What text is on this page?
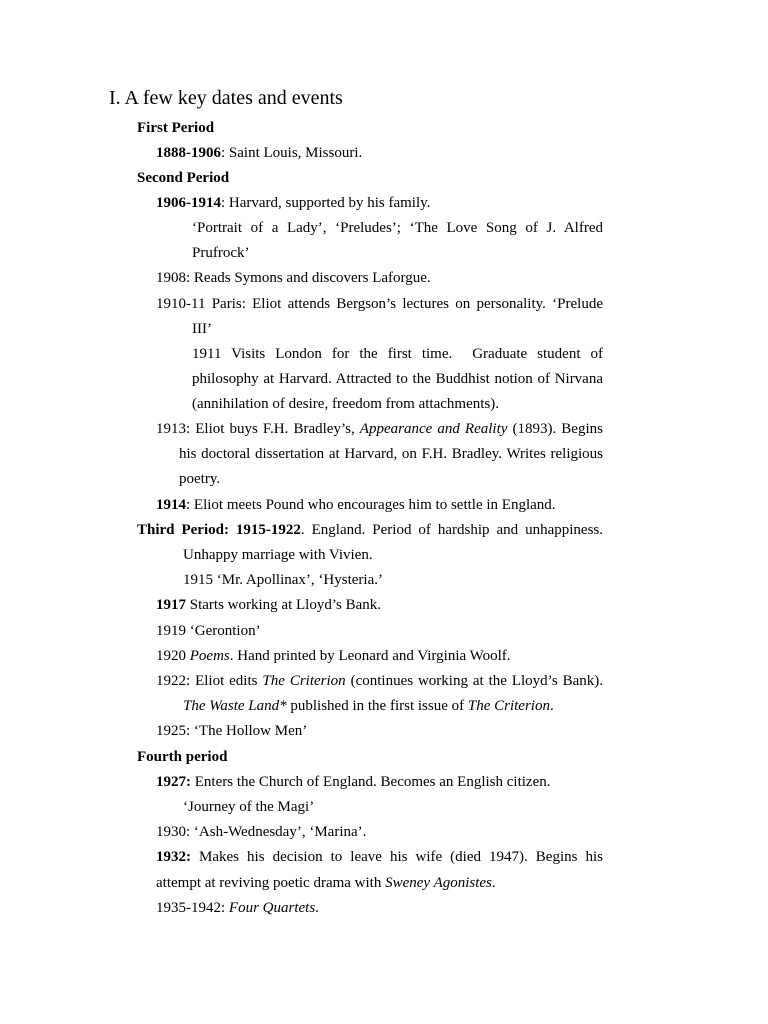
I. A few key dates and events
First Period
1888-1906: Saint Louis, Missouri.
Second Period
1906-1914: Harvard, supported by his family.
‘Portrait of a Lady’, ‘Preludes’; ‘The Love Song of J. Alfred
Prufrock’
1908: Reads Symons and discovers Laforgue.
1910-11 Paris: Eliot attends Bergson’s lectures on personality. ‘Prelude
III’
1911 Visits London for the first time.  Graduate student of
philosophy at Harvard. Attracted to the Buddhist notion of Nirvana
(annihilation of desire, freedom from attachments).
1913: Eliot buys F.H. Bradley’s, Appearance and Reality (1893). Begins
his doctoral dissertation at Harvard, on F.H. Bradley. Writes religious
poetry.
1914: Eliot meets Pound who encourages him to settle in England.
Third Period: 1915-1922. England. Period of hardship and unhappiness.
Unhappy marriage with Vivien.
1915 ‘Mr. Apollinax’, ‘Hysteria.’
1917 Starts working at Lloyd’s Bank.
1919 ‘Gerontion’
1920 Poems. Hand printed by Leonard and Virginia Woolf.
1922: Eliot edits The Criterion (continues working at the Lloyd’s Bank).
The Waste Land* published in the first issue of The Criterion.
1925: ‘The Hollow Men’
Fourth period
1927: Enters the Church of England. Becomes an English citizen.
‘Journey of the Magi’
1930: ‘Ash-Wednesday’, ‘Marina’.
1932: Makes his decision to leave his wife (died 1947). Begins his
attempt at reviving poetic drama with Sweney Agonistes.
1935-1942: Four Quartets.
